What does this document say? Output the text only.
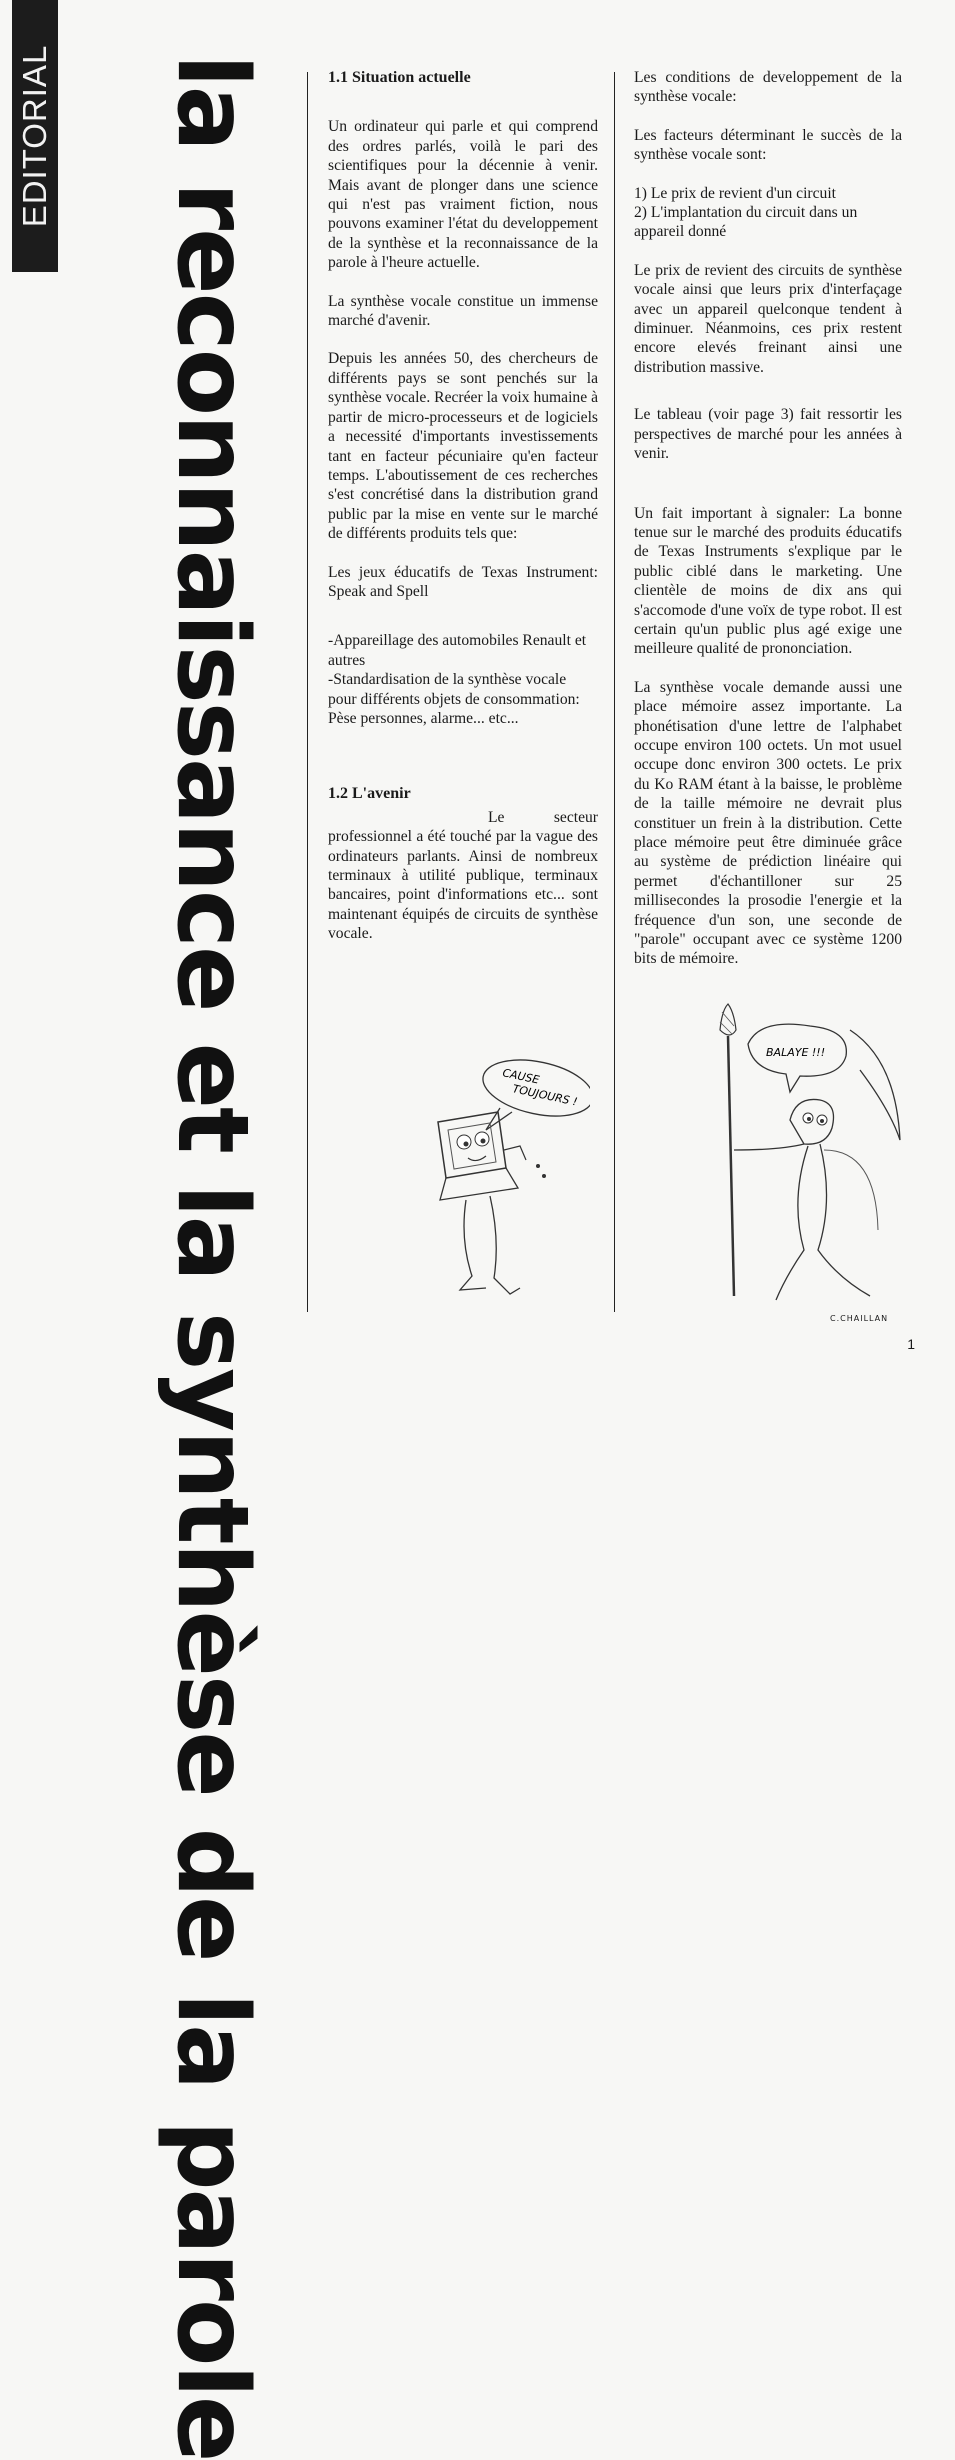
EDITORIAL la reconnaissance et la synthèse de la parole	1.1 Situation actuelle

Un ordinateur qui parle et qui comprend des ordres parlés, voilà le pari des scientifiques pour la décennie à venir. Mais avant de plonger dans une science qui n'est pas vraiment fiction, nous pouvons examiner l'état du developpement de la synthèse et la reconnaissance de la parole à l'heure actuelle.

La synthèse vocale constitue un immense marché d'avenir.

Depuis les années 50, des chercheurs de différents pays se sont penchés sur la synthèse vocale. Recréer la voix humaine à partir de micro-processeurs et de logiciels a necessité d'importants investissements tant en facteur pécuniaire qu'en facteur temps. L'aboutissement de ces recherches s'est concrétisé dans la distribution grand public par la mise en vente sur le marché de différents produits tels que:

Les jeux éducatifs de Texas Instrument: Speak and Spell

-Appareillage des automobiles Renault et autres
-Standardisation de la synthèse vocale pour différents objets de consommation: Pèse personnes, alarme... etc...

1.2 L'avenir

Le secteur professionnel a été touché par la vague des ordinateurs parlants. Ainsi de nombreux terminaux à utilité publique, terminaux bancaires, point d'informations etc... sont maintenant équipés de circuits de synthèse vocale.

Les conditions de developpement de la synthèse vocale:

Les facteurs déterminant le succès de la synthèse vocale sont:

1) Le prix de revient d'un circuit
2) L'implantation du circuit dans un appareil donné

Le prix de revient des circuits de synthèse vocale ainsi que leurs prix d'interfaçage avec un appareil quelconque tendent à diminuer. Néanmoins, ces prix restent encore elevés freinant ainsi une distribution massive.

Le tableau (voir page 3) fait ressortir les perspectives de marché pour les années à venir.

Un fait important à signaler: La bonne tenue sur le marché des produits éducatifs de Texas Instruments s'explique par le public ciblé dans le marketing. Une clientèle de moins de dix ans qui s'accomode d'une voïx de type robot. Il est certain qu'un public plus agé exige une meilleure qualité de prononciation.

La synthèse vocale demande aussi une place mémoire assez importante. La phonétisation d'une lettre de l'alphabet occupe environ 100 octets. Un mot usuel occupe donc environ 300 octets. Le prix du Ko RAM étant à la baisse, le problème de la taille mémoire ne devrait plus constituer un frein à la distribution. Cette place mémoire peut être diminuée grâce au système de prédiction linéaire qui permet d'échantilloner sur 25 millisecondes la prosodie l'energie et la fréquence d'un son, une seconde de "parole" occupant avec ce système 1200 bits de mémoire.

CAUSE
TOUJOURS !
BALAYE !!!
C.CHAILLAN
1
